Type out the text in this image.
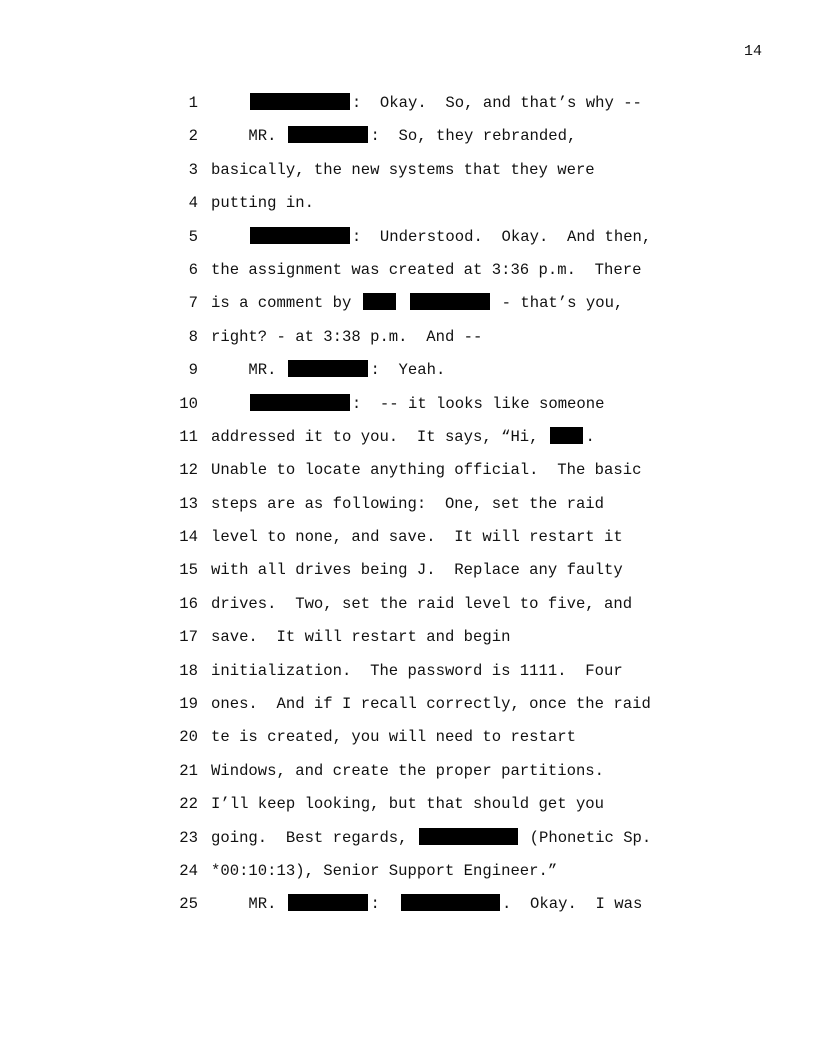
14
1	:  Okay.  So, and that’s why --
2 MR.	:  So, they rebranded,
3 basically, the new systems that they were
4 putting in.
5	:  Understood.  Okay.  And then,
6 the assignment was created at 3:36 p.m.  There
7 is a comment by	- that’s you,
8 right? - at 3:38 p.m.  And --
9 MR.	:  Yeah.
10	:  -- it looks like someone
11 addressed it to you.  It says, “Hi, .
12 Unable to locate anything official.  The basic
13 steps are as following:  One, set the raid
14 level to none, and save.  It will restart it
15 with all drives being J.  Replace any faulty
16 drives.  Two, set the raid level to five, and
17 save.  It will restart and begin
18 initialization.  The password is 1111.  Four
19 ones.  And if I recall correctly, once the raid
20 te is created, you will need to restart
21 Windows, and create the proper partitions.
22 I’ll keep looking, but that should get you
23 going.  Best regards,	(Phonetic Sp.
24 *00:10:13), Senior Support Engineer.”
25 MR.	:	.  Okay.  I was
